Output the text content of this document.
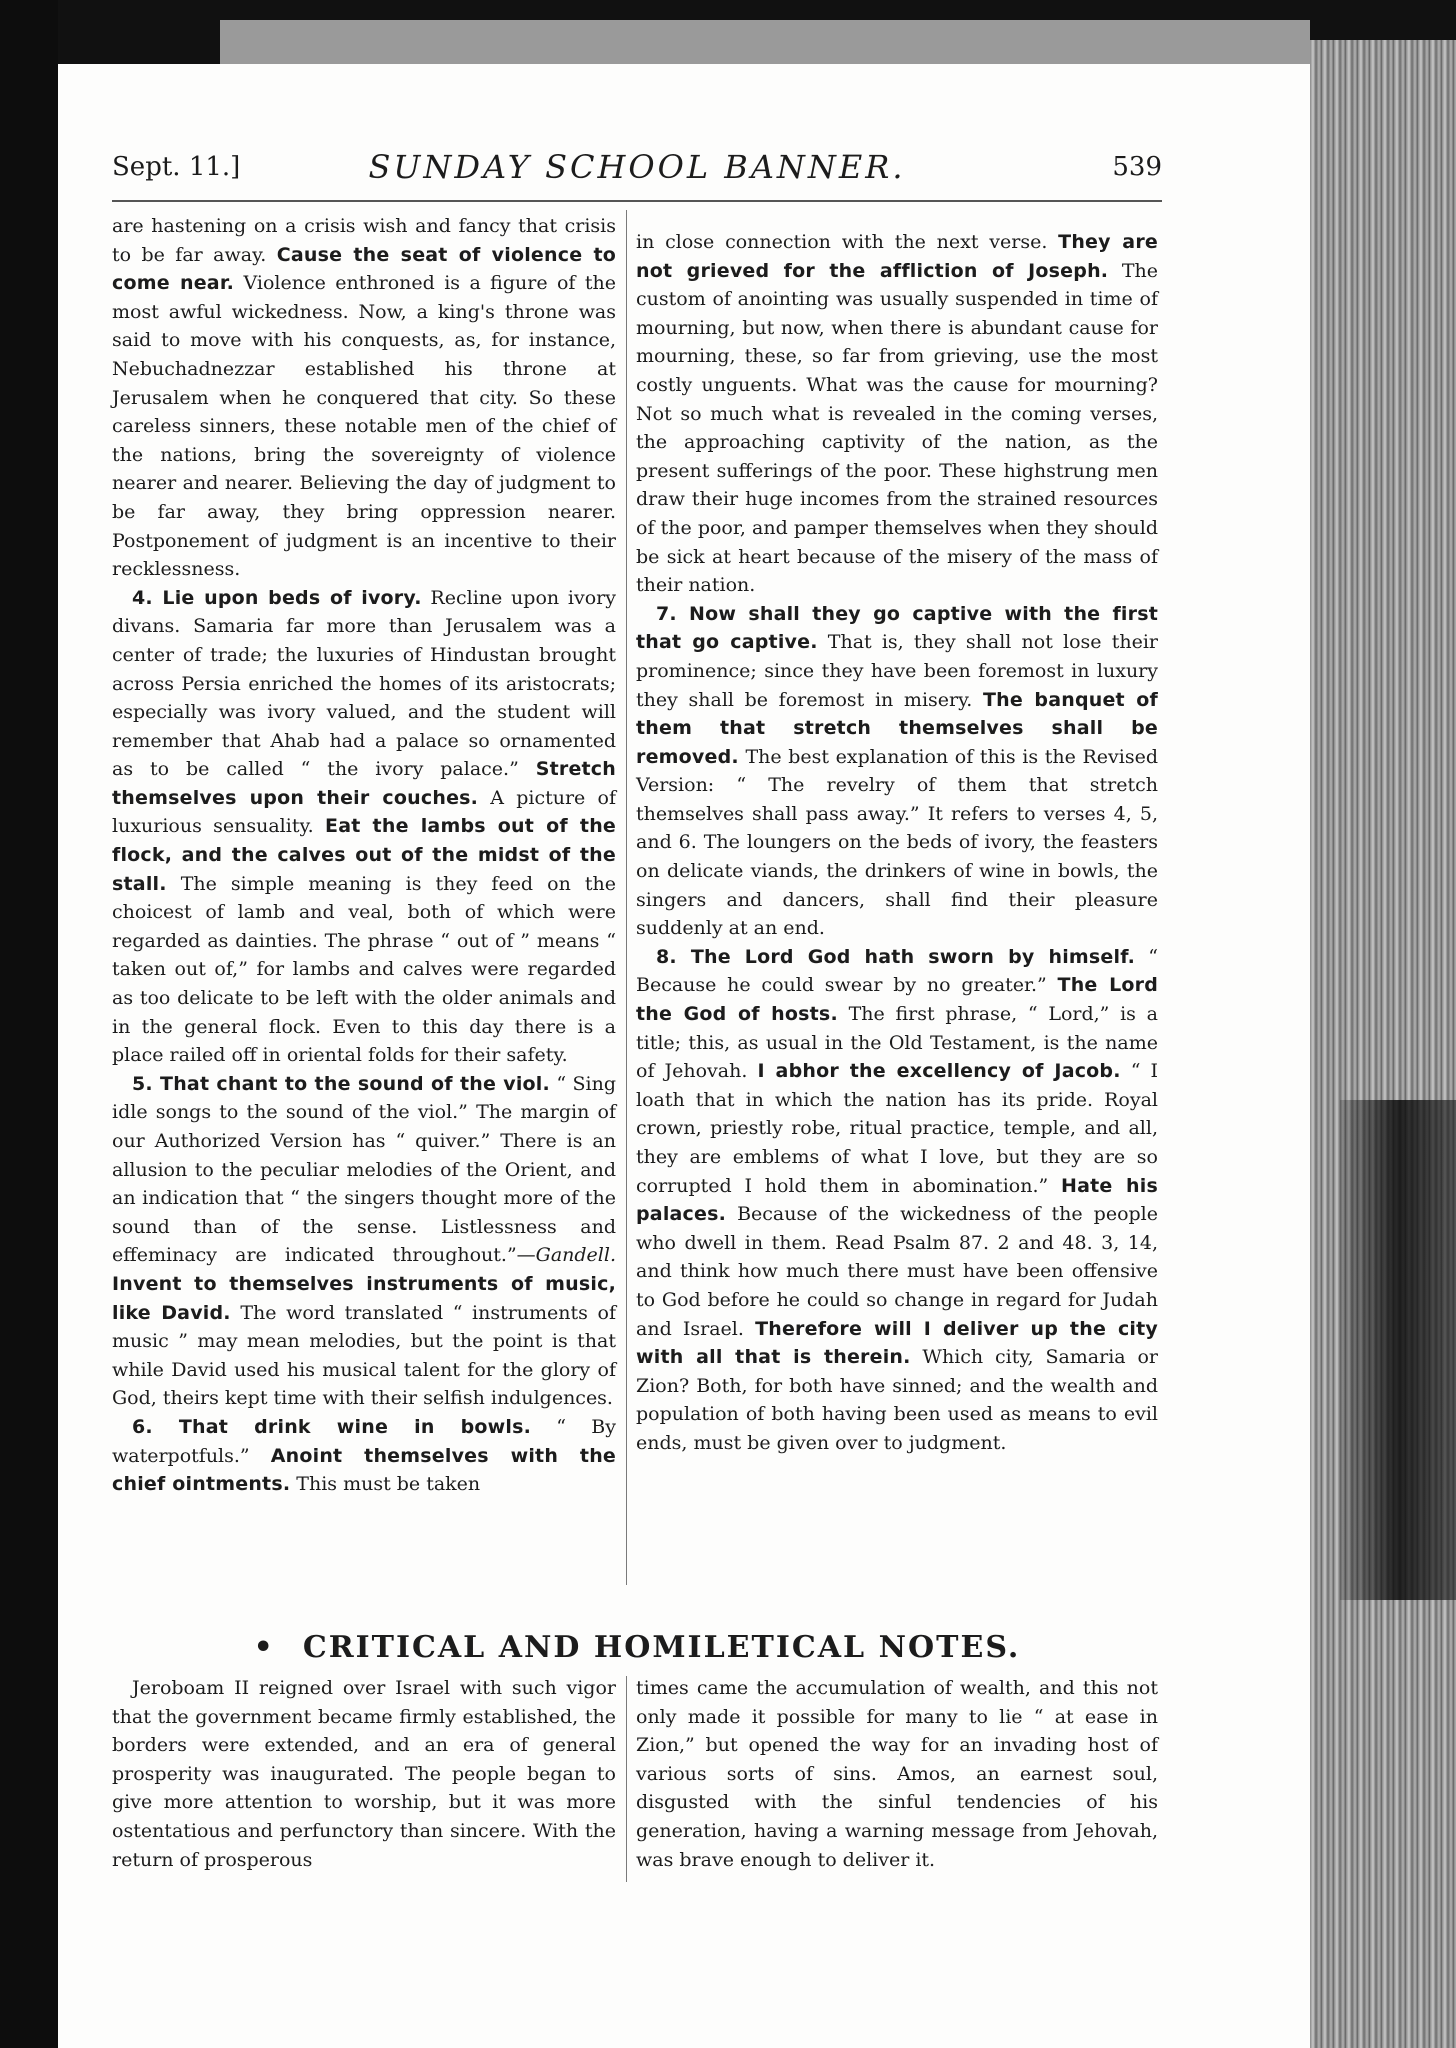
Sept. 11.]	SUNDAY SCHOOL BANNER.	539

are hastening on a crisis wish and fancy that crisis to be far away. Cause the seat of violence to come near. Violence enthroned is a figure of the most awful wickedness. Now, a king's throne was said to move with his conquests, as, for instance, Nebuchadnezzar established his throne at Jerusalem when he conquered that city. So these careless sinners, these notable men of the chief of the nations, bring the sovereignty of violence nearer and nearer. Believing the day of judgment to be far away, they bring oppression nearer. Postponement of judgment is an incentive to their recklessness.

4. Lie upon beds of ivory. Recline upon ivory divans. Samaria far more than Jerusalem was a center of trade; the luxuries of Hindustan brought across Persia enriched the homes of its aristocrats; especially was ivory valued, and the student will remember that Ahab had a palace so ornamented as to be called “ the ivory palace.” Stretch themselves upon their couches. A picture of luxurious sensuality. Eat the lambs out of the flock, and the calves out of the midst of the stall. The simple meaning is they feed on the choicest of lamb and veal, both of which were regarded as dainties. The phrase “ out of ” means “ taken out of,” for lambs and calves were regarded as too delicate to be left with the older animals and in the general flock. Even to this day there is a place railed off in oriental folds for their safety.

5. That chant to the sound of the viol. “ Sing idle songs to the sound of the viol.” The margin of our Authorized Version has “ quiver.” There is an allusion to the peculiar melodies of the Orient, and an indication that “ the singers thought more of the sound than of the sense. Listlessness and effeminacy are indicated throughout.”—Gandell. Invent to themselves instruments of music, like David. The word translated “ instruments of music ” may mean melodies, but the point is that while David used his musical talent for the glory of God, theirs kept time with their selfish indulgences.

6. That drink wine in bowls. “ By waterpotfuls.” Anoint themselves with the chief ointments. This must be taken

in close connection with the next verse. They are not grieved for the affliction of Joseph. The custom of anointing was usually suspended in time of mourning, but now, when there is abundant cause for mourning, these, so far from grieving, use the most costly unguents. What was the cause for mourning? Not so much what is revealed in the coming verses, the approaching captivity of the nation, as the present sufferings of the poor. These highstrung men draw their huge incomes from the strained resources of the poor, and pamper themselves when they should be sick at heart because of the misery of the mass of their nation.

7. Now shall they go captive with the first that go captive. That is, they shall not lose their prominence; since they have been foremost in luxury they shall be foremost in misery. The banquet of them that stretch themselves shall be removed. The best explanation of this is the Revised Version: “ The revelry of them that stretch themselves shall pass away.” It refers to verses 4, 5, and 6. The loungers on the beds of ivory, the feasters on delicate viands, the drinkers of wine in bowls, the singers and dancers, shall find their pleasure suddenly at an end.

8. The Lord God hath sworn by himself. “ Because he could swear by no greater.” The Lord the God of hosts. The first phrase, “ Lord,” is a title; this, as usual in the Old Testament, is the name of Jehovah. I abhor the excellency of Jacob. “ I loath that in which the nation has its pride. Royal crown, priestly robe, ritual practice, temple, and all, they are emblems of what I love, but they are so corrupted I hold them in abomination.” Hate his palaces. Because of the wickedness of the people who dwell in them. Read Psalm 87. 2 and 48. 3, 14, and think how much there must have been offensive to God before he could so change in regard for Judah and Israel. Therefore will I deliver up the city with all that is therein. Which city, Samaria or Zion? Both, for both have sinned; and the wealth and population of both having been used as means to evil ends, must be given over to judgment.

• CRITICAL AND HOMILETICAL NOTES.
Jeroboam II reigned over Israel with such vigor that the government became firmly established, the borders were extended, and an era of general prosperity was inaugurated. The people began to give more attention to worship, but it was more ostentatious and perfunctory than sincere. With the return of prosperous
times came the accumulation of wealth, and this not only made it possible for many to lie “ at ease in Zion,” but opened the way for an invading host of various sorts of sins. Amos, an earnest soul, disgusted with the sinful tendencies of his generation, having a warning message from Jehovah, was brave enough to deliver it.
